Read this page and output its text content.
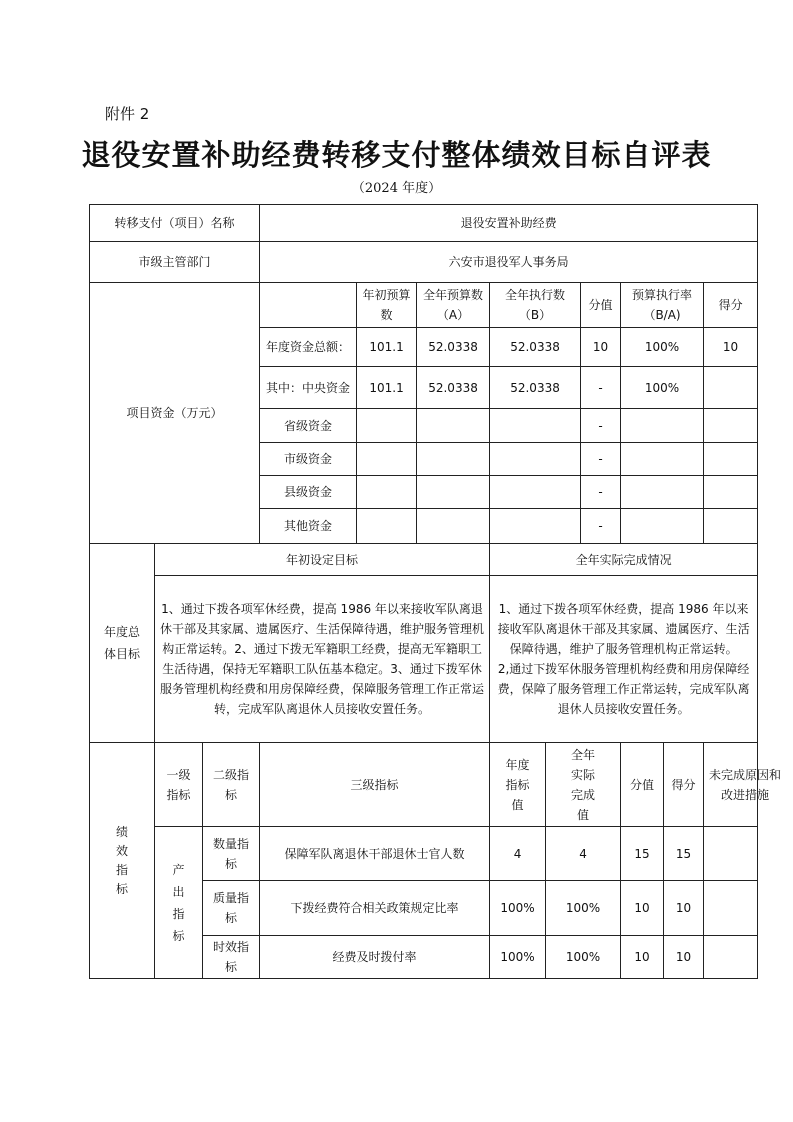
附件 2
退役安置补助经费转移支付整体绩效目标自评表
（2024 年度）
转移支付（项目）名称			退役安置补助经费								
市级主管部门			六安市退役军人事务局								
项目资金（万元）				年初预算数	全年预算数（A）	全年执行数（B）		分值	预算执行率（B/A)		得分
			年度资金总额：	101.1	52.0338	52.0338		10	100%		10
			其中：中央资金	101.1	52.0338	52.0338		-	100%		
			省级资金					-			
			市级资金					-			
			县级资金					-			
			其他资金					-			
年度总体目标	年初设定目标					全年实际完成情况					
	1、通过下拨各项军休经费，提高 1986 年以来接收军队离退休干部及其家属、遗属医疗、生活保障待遇，维护服务管理机构正常运转。2、通过下拨无军籍职工经费，提高无军籍职工生活待遇，保持无军籍职工队伍基本稳定。3、通过下拨军休服务管理机构经费和用房保障经费，保障服务管理工作正常运转，完成军队离退休人员接收安置任务。					1、通过下拨各项军休经费，提高 1986 年以来接收军队离退休干部及其家属、遗属医疗、生活保障待遇，维护了服务管理机构正常运转。
2,通过下拨军休服务管理机构经费和用房保障经费，保障了服务管理工作正常运转，完成军队离退休人员接收安置任务。					

绩效指标	一级指标	二级指标	三级指标			年度指标值	全年实际完成值		分值	得分	未完成原因和改进措施
	产出指标	数量指标	保障军队离退休干部退休士官人数			4	4		15	15	
		质量指标	下拨经费符合相关政策规定比率			100%	100%		10	10	
		时效指标	经费及时拨付率			100%	100%		10	10	
